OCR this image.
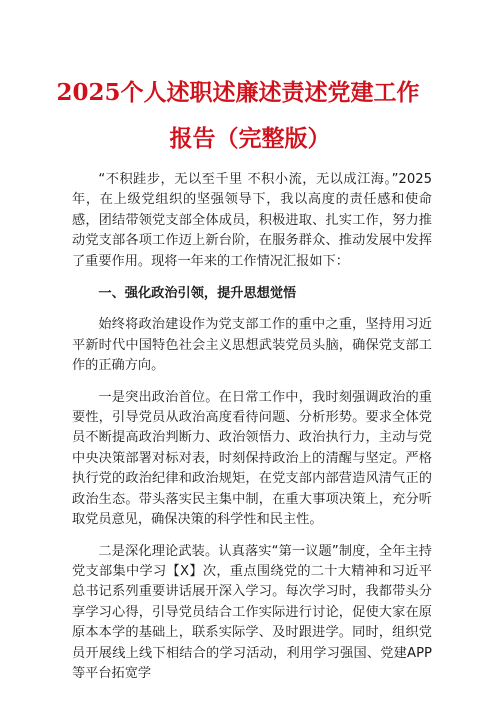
2025个人述职述廉述责述党建工作
报告（完整版）

“不积跬步，无以至千里 不积小流，无以成江海。”2025年，在上级党组织的坚强领导下，我以高度的责任感和使命感，团结带领党支部全体成员，积极进取、扎实工作，努力推动党支部各项工作迈上新台阶，在服务群众、推动发展中发挥了重要作用。现将一年来的工作情况汇报如下：

一、强化政治引领，提升思想觉悟

始终将政治建设作为党支部工作的重中之重，坚持用习近平新时代中国特色社会主义思想武装党员头脑，确保党支部工作的正确方向。

一是突出政治首位。在日常工作中，我时刻强调政治的重要性，引导党员从政治高度看待问题、分析形势。要求全体党员不断提高政治判断力、政治领悟力、政治执行力，主动与党中央决策部署对标对表，时刻保持政治上的清醒与坚定。严格执行党的政治纪律和政治规矩，在党支部内部营造风清气正的政治生态。带头落实民主集中制，在重大事项决策上，充分听取党员意见，确保决策的科学性和民主性。

二是深化理论武装。认真落实“第一议题”制度，全年主持党支部集中学习【X】次，重点围绕党的二十大精神和习近平总书记系列重要讲话展开深入学习。每次学习时，我都带头分享学习心得，引导党员结合工作实际进行讨论，促使大家在原原本本学的基础上，联系实际学、及时跟进学。同时，组织党员开展线上线下相结合的学习活动，利用学习强国、党建APP等平台拓宽学
